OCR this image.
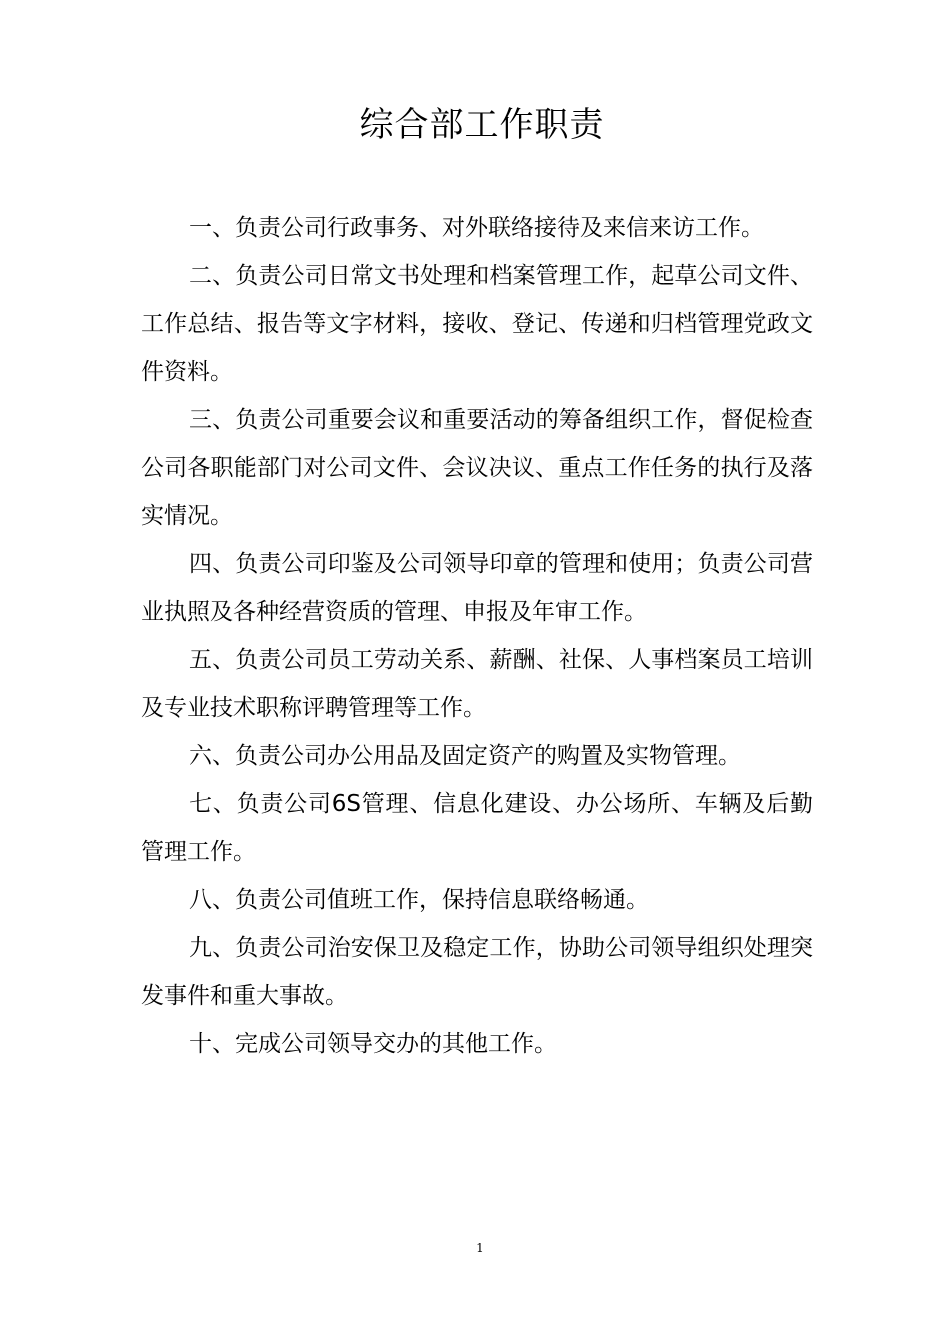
综合部工作职责

一、负责公司行政事务、对外联络接待及来信来访工作。

二、负责公司日常文书处理和档案管理工作，起草公司文件、工作总结、报告等文字材料，接收、登记、传递和归档管理党政文件资料。

三、负责公司重要会议和重要活动的筹备组织工作，督促检查公司各职能部门对公司文件、会议决议、重点工作任务的执行及落实情况。

四、负责公司印鉴及公司领导印章的管理和使用；负责公司营业执照及各种经营资质的管理、申报及年审工作。

五、负责公司员工劳动关系、薪酬、社保、人事档案员工培训及专业技术职称评聘管理等工作。

六、负责公司办公用品及固定资产的购置及实物管理。

七、负责公司6S管理、信息化建设、办公场所、车辆及后勤管理工作。

八、负责公司值班工作，保持信息联络畅通。

九、负责公司治安保卫及稳定工作，协助公司领导组织处理突发事件和重大事故。

十、完成公司领导交办的其他工作。

1
